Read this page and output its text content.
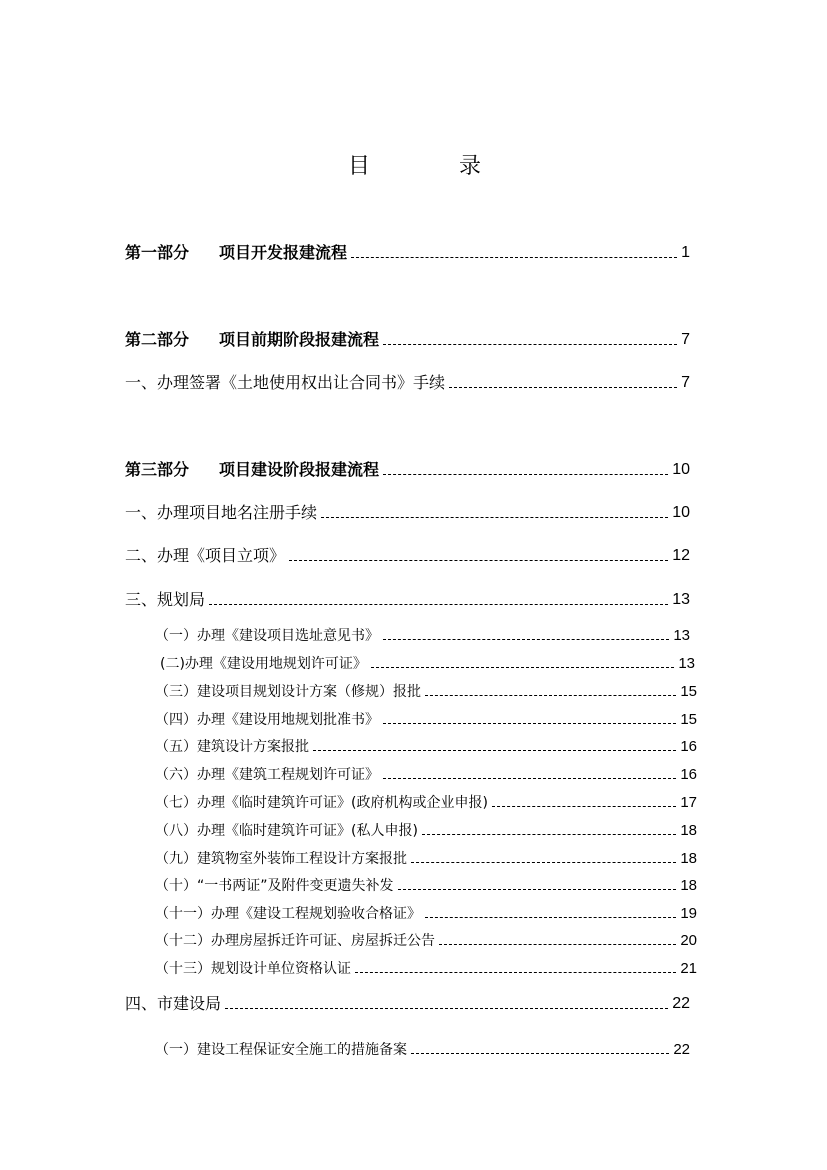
目	录
第一部分 项目开发报建流程	1
第二部分 项目前期阶段报建流程	7
一、办理签署《土地使用权出让合同书》手续	7
第三部分 项目建设阶段报建流程	10
一、办理项目地名注册手续	10
二、办理《项目立项》	12
三、规划局	13
（一）办理《建设项目选址意见书》	13
(二)办理《建设用地规划许可证》	13
（三）建设项目规划设计方案（修规）报批	15
（四）办理《建设用地规划批准书》	15
（五）建筑设计方案报批	16
（六）办理《建筑工程规划许可证》	16
（七）办理《临时建筑许可证》(政府机构或企业申报)	17
（八）办理《临时建筑许可证》(私人申报)	18
（九）建筑物室外装饰工程设计方案报批	18
（十）“一书两证”及附件变更遗失补发	18
（十一）办理《建设工程规划验收合格证》	19
（十二）办理房屋拆迁许可证、房屋拆迁公告	20
（十三）规划设计单位资格认证	21
四、市建设局	22
（一）建设工程保证安全施工的措施备案	22
